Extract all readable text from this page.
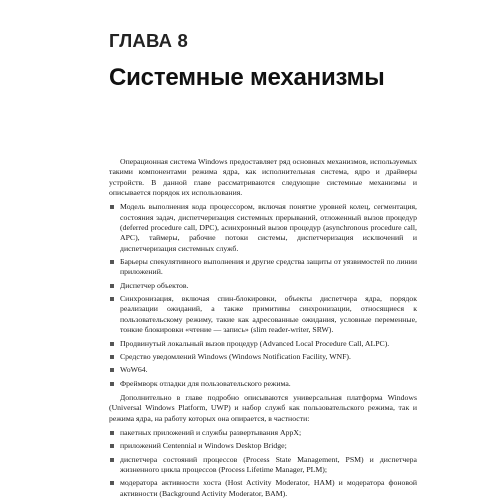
ГЛАВА 8
Системные механизмы

Операционная система Windows предоставляет ряд основных механизмов, используемых такими компонентами режима ядра, как исполнительная система, ядро и драйверы устройств. В данной главе рассматриваются следующие системные механизмы и описывается порядок их использования.

Модель выполнения кода процессором, включая понятие уровней колец, сегментация, состояния задач, диспетчеризация системных прерываний, отложенный вызов процедур (deferred procedure call, DPC), асинхронный вызов процедур (asynchronous procedure call, APC), таймеры, рабочие потоки системы, диспетчеризация исключений и диспетчеризация системных служб.
Барьеры спекулятивного выполнения и другие средства защиты от уязвимостей по линии приложений.
Диспетчер объектов.
Синхронизация, включая спин-блокировки, объекты диспетчера ядра, порядок реализации ожиданий, а также примитивы синхронизации, относящиеся к пользовательскому режиму, такие как адресованные ожидания, условные переменные, тонкие блокировки «чтение — запись» (slim reader-writer, SRW).
Продвинутый локальный вызов процедур (Advanced Local Procedure Call, ALPC).
Средство уведомлений Windows (Windows Notification Facility, WNF).
WoW64.
Фреймворк отладки для пользовательского режима.

Дополнительно в главе подробно описываются универсальная платформа Windows (Universal Windows Platform, UWP) и набор служб как пользовательского режима, так и режима ядра, на работу которых она опирается, в частности:

пакетных приложений и службы развертывания AppX;
приложений Centennial и Windows Desktop Bridge;
диспетчера состояний процессов (Process State Management, PSM) и диспетчера жизненного цикла процессов (Process Lifetime Manager, PLM);
модератора активности хоста (Host Activity Moderator, HAM) и модератора фоновой активности (Background Activity Moderator, BAM).
